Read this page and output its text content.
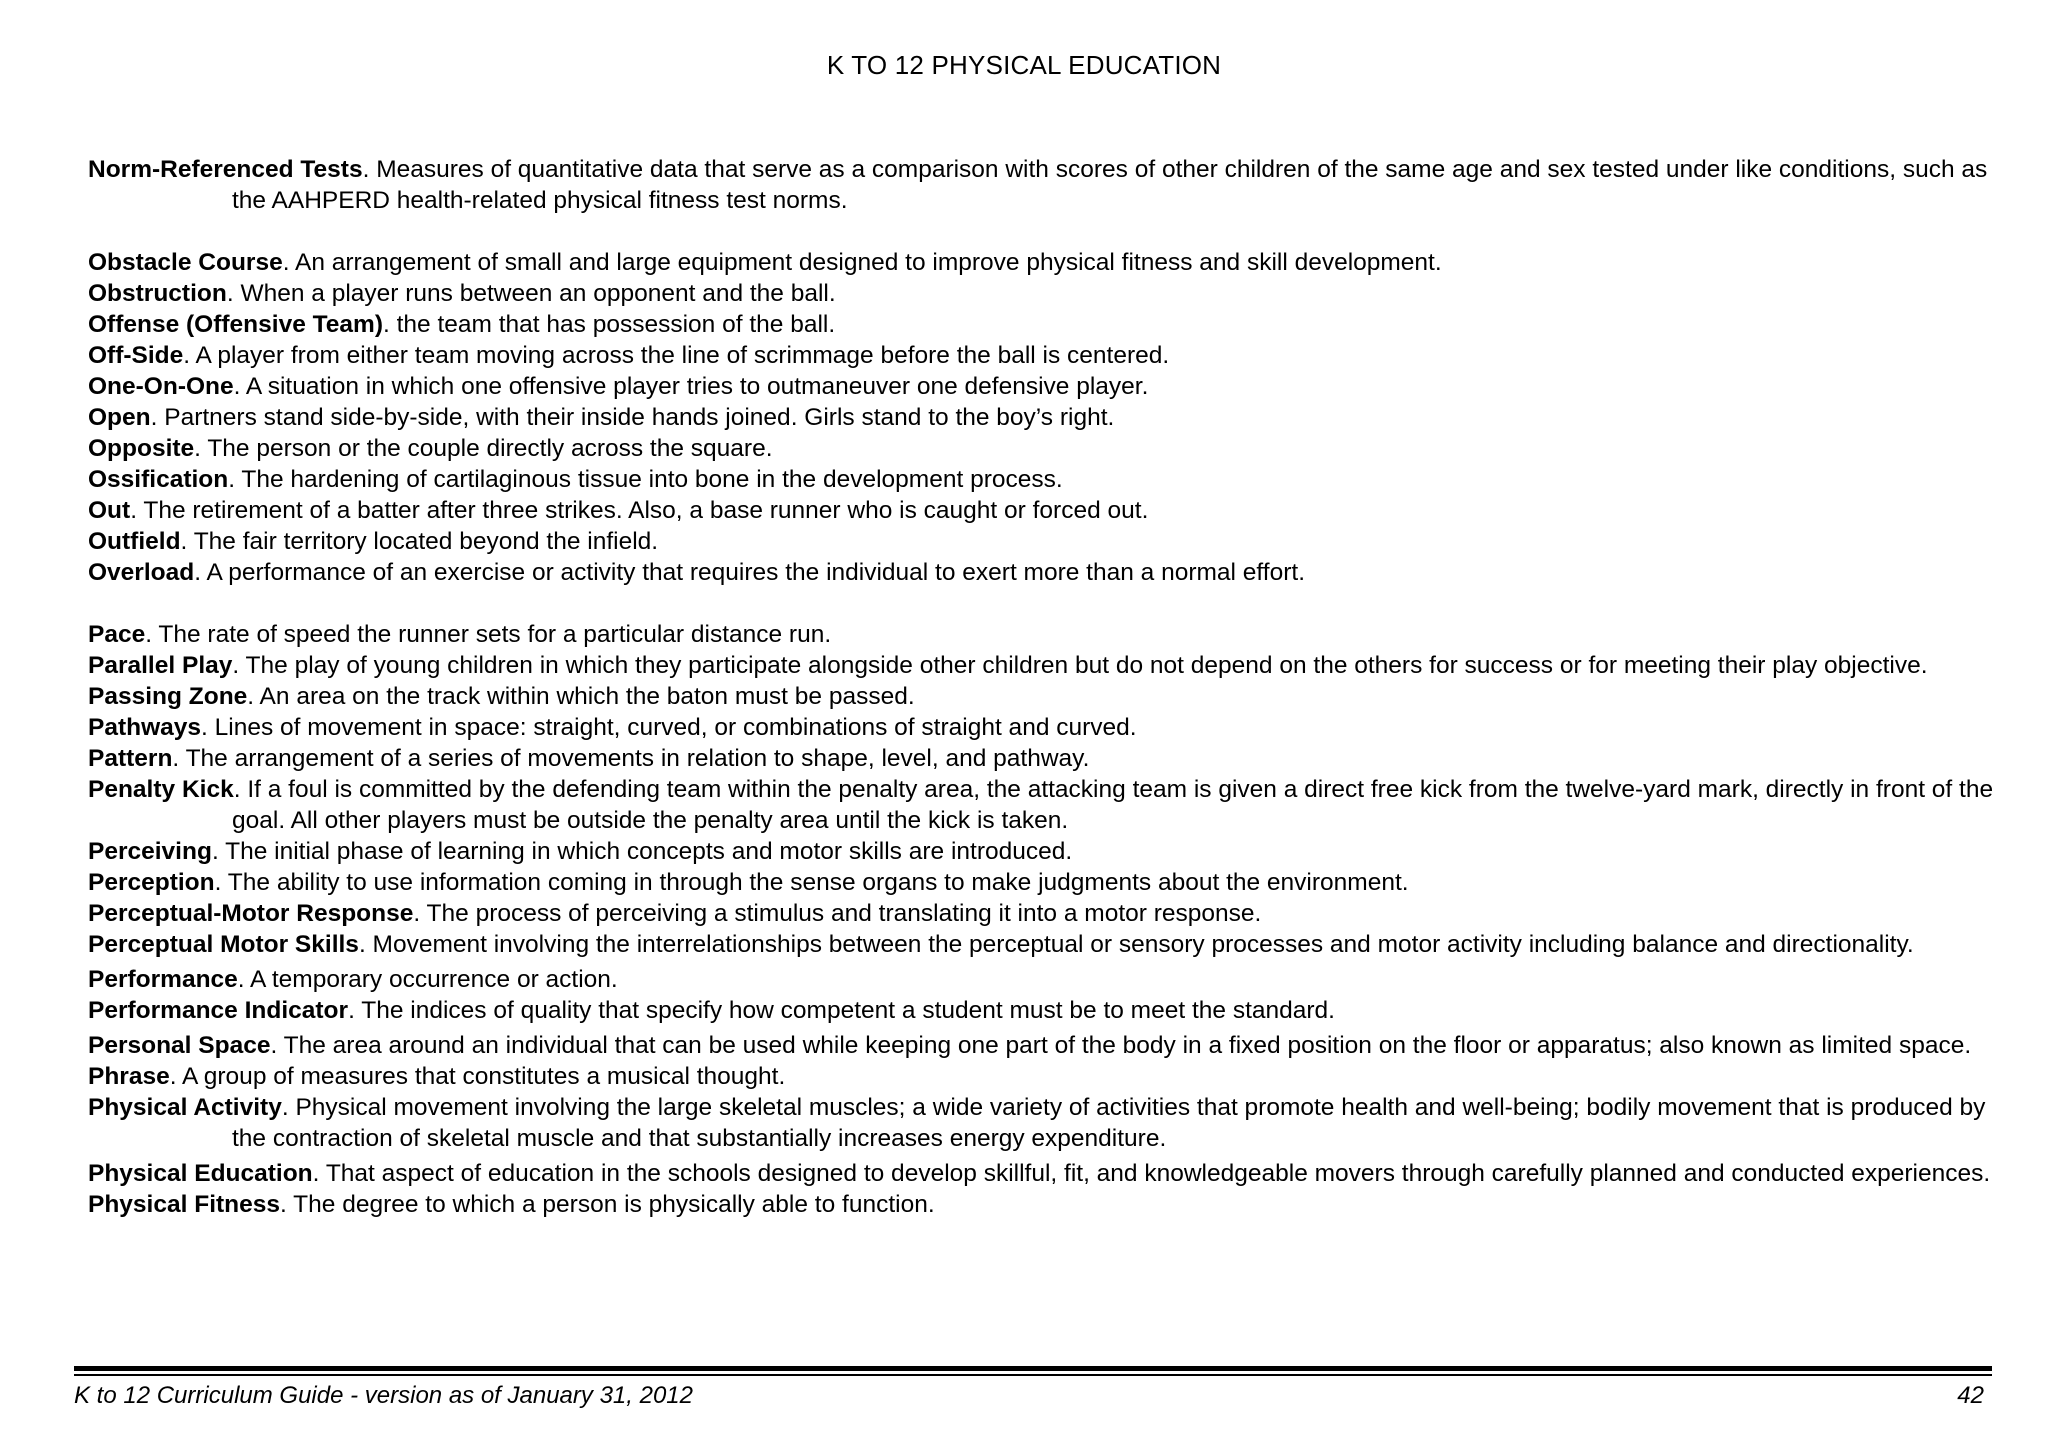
K TO 12 PHYSICAL EDUCATION

Norm-Referenced Tests. Measures of quantitative data that serve as a comparison with scores of other children of the same age and sex tested under like conditions, such as the AAHPERD health-related physical fitness test norms.

Obstacle Course. An arrangement of small and large equipment designed to improve physical fitness and skill development.

Obstruction. When a player runs between an opponent and the ball.

Offense (Offensive Team). the team that has possession of the ball.

Off-Side. A player from either team moving across the line of scrimmage before the ball is centered.

One-On-One. A situation in which one offensive player tries to outmaneuver one defensive player.

Open. Partners stand side-by-side, with their inside hands joined. Girls stand to the boy’s right.

Opposite. The person or the couple directly across the square.

Ossification. The hardening of cartilaginous tissue into bone in the development process.

Out. The retirement of a batter after three strikes. Also, a base runner who is caught or forced out.

Outfield. The fair territory located beyond the infield.

Overload. A performance of an exercise or activity that requires the individual to exert more than a normal effort.

Pace. The rate of speed the runner sets for a particular distance run.

Parallel Play. The play of young children in which they participate alongside other children but do not depend on the others for success or for meeting their play objective.

Passing Zone. An area on the track within which the baton must be passed.

Pathways. Lines of movement in space: straight, curved, or combinations of straight and curved.

Pattern. The arrangement of a series of movements in relation to shape, level, and pathway.

Penalty Kick. If a foul is committed by the defending team within the penalty area, the attacking team is given a direct free kick from the twelve-yard mark, directly in front of the goal. All other players must be outside the penalty area until the kick is taken.

Perceiving. The initial phase of learning in which concepts and motor skills are introduced.

Perception. The ability to use information coming in through the sense organs to make judgments about the environment.

Perceptual-Motor Response. The process of perceiving a stimulus and translating it into a motor response.

Perceptual Motor Skills. Movement involving the interrelationships between the perceptual or sensory processes and motor activity including balance and directionality.

Performance. A temporary occurrence or action.

Performance Indicator. The indices of quality that specify how competent a student must be to meet the standard.

Personal Space. The area around an individual that can be used while keeping one part of the body in a fixed position on the floor or apparatus; also known as limited space.

Phrase. A group of measures that constitutes a musical thought.

Physical Activity. Physical movement involving the large skeletal muscles; a wide variety of activities that promote health and well-being; bodily movement that is produced by the contraction of skeletal muscle and that substantially increases energy expenditure.

Physical Education. That aspect of education in the schools designed to develop skillful, fit, and knowledgeable movers through carefully planned and conducted experiences.

Physical Fitness. The degree to which a person is physically able to function.

K to 12 Curriculum Guide - version as of January 31, 2012	42
